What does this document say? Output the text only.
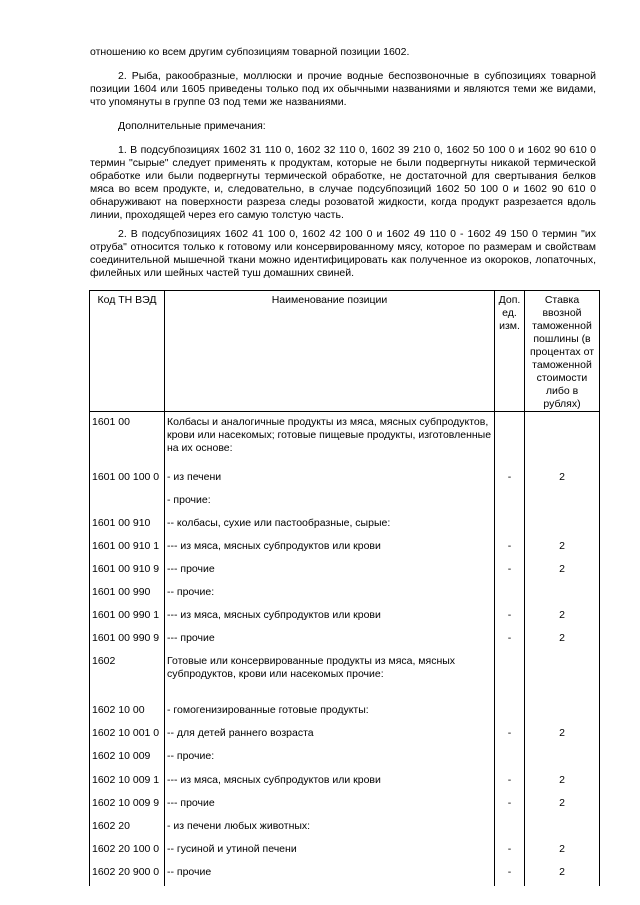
отношению ко всем другим субпозициям товарной позиции 1602.

2. Рыба, ракообразные, моллюски и прочие водные беспозвоночные в субпозициях товарной позиции 1604 или 1605 приведены только под их обычными названиями и являются теми же видами, что упомянуты в группе 03 под теми же названиями.

Дополнительные примечания:

1. В подсубпозициях 1602 31 110 0, 1602 32 110 0, 1602 39 210 0, 1602 50 100 0 и 1602 90 610 0 термин "сырые" следует применять к продуктам, которые не были подвергнуты никакой термической обработке или были подвергнуты термической обработке, не достаточной для свертывания белков мяса во всем продукте, и, следовательно, в случае подсубпозиций 1602 50 100 0 и 1602 90 610 0 обнаруживают на поверхности разреза следы розоватой жидкости, когда продукт разрезается вдоль линии, проходящей через его самую толстую часть.

2. В подсубпозициях 1602 41 100 0, 1602 42 100 0 и 1602 49 110 0 - 1602 49 150 0 термин "их отруба" относится только к готовому или консервированному мясу, которое по размерам и свойствам соединительной мышечной ткани можно идентифицировать как полученное из окороков, лопаточных, филейных или шейных частей туш домашних свиней.

Код ТН ВЭД	Наименование позиции	Доп. ед. изм.	Ставка ввозной таможенной пошлины (в процентах от таможенной стоимости либо в рублях)
1601 00	Колбасы и аналогичные продукты из мяса, мясных субпродуктов, крови или насекомых; готовые пищевые продукты, изготовленные на их основе:		
1601 00 100 0	- из печени	-	2
	- прочие:		
1601 00 910	-- колбасы, сухие или пастообразные, сырые:		
1601 00 910 1	--- из мяса, мясных субпродуктов или крови	-	2
1601 00 910 9	--- прочие	-	2
1601 00 990	-- прочие:		
1601 00 990 1	--- из мяса, мясных субпродуктов или крови	-	2
1601 00 990 9	--- прочие	-	2
1602	Готовые или консервированные продукты из мяса, мясных субпродуктов, крови или насекомых прочие:		
1602 10 00	- гомогенизированные готовые продукты:		
1602 10 001 0	-- для детей раннего возраста	-	2
1602 10 009	-- прочие:		
1602 10 009 1	--- из мяса, мясных субпродуктов или крови	-	2
1602 10 009 9	--- прочие	-	2
1602 20	- из печени любых животных:		
1602 20 100 0	-- гусиной и утиной печени	-	2
1602 20 900 0	-- прочие	-	2
